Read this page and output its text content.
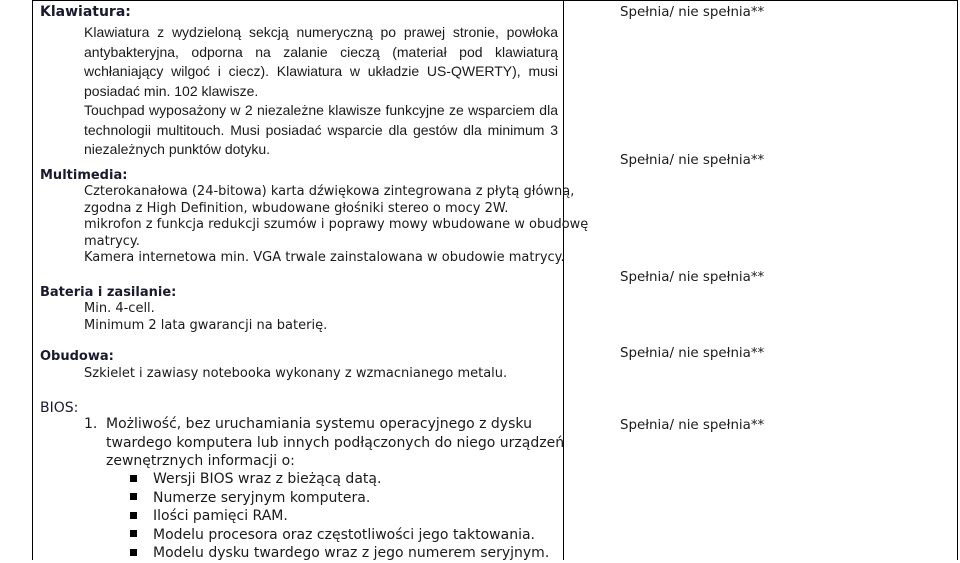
Klawiatura:
Klawiatura z wydzieloną sekcją numeryczną po prawej stronie, powłoka
antybakteryjna, odporna na zalanie cieczą (materiał pod klawiaturą
wchłaniający wilgoć i ciecz). Klawiatura w układzie US-QWERTY), musi
posiadać min. 102 klawisze.
Touchpad wyposażony w 2 niezależne klawisze funkcyjne ze wsparciem dla
technologii multitouch. Musi posiadać wsparcie dla gestów dla minimum 3
niezależnych punktów dotyku.
Spełnia/ nie spełnia**
Multimedia:
Czterokanałowa (24-bitowa) karta dźwiękowa zintegrowana z płytą główną,
zgodna z High Definition, wbudowane głośniki stereo o mocy 2W.
mikrofon z funkcja redukcji szumów i poprawy mowy wbudowane w obudowę
matrycy.
Kamera internetowa min. VGA trwale zainstalowana w obudowie matrycy.
Spełnia/ nie spełnia**
Bateria i zasilanie:
Min. 4-cell.
Minimum 2 lata gwarancji na baterię.
Spełnia/ nie spełnia**
Obudowa:
Szkielet i zawiasy notebooka wykonany z wzmacnianego metalu.
Spełnia/ nie spełnia**
BIOS:
1. Możliwość, bez uruchamiania systemu operacyjnego z dysku
twardego komputera lub innych podłączonych do niego urządzeń
zewnętrznych informacji o:
Wersji BIOS wraz z bieżącą datą.
Numerze seryjnym komputera.
Ilości pamięci RAM.
Modelu procesora oraz częstotliwości jego taktowania.
Modelu dysku twardego wraz z jego numerem seryjnym.
Spełnia/ nie spełnia**
